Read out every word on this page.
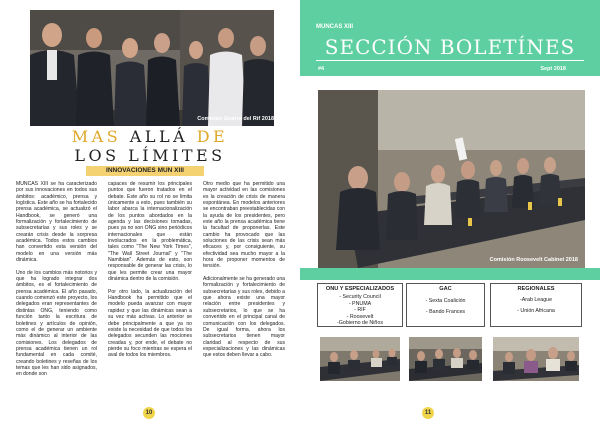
Comisión Guerra del Rif 2018
MAS ALLÁ DE
LOS LÍMITES
INNOVACIONES MUN XIII

MUNCAS XIII se ha caracterizado por sus innovaciones en todos sus ámbitos: académico, prensa y logística. Este año se ha fortalecido prensa académica, se actualizó el Handbook, se generó una formalización y fortalecimiento de subsecretarías y sus roles y se crearán crisis desde la sorpresa académica. Todos estos cambios han convertido esta versión del modelo en una versión más dinámica.

Uno de los cambios más notorios y que ha logrado integrar dos ámbitos, es el fortalecimiento de prensa académica. El año pasado, cuando comenzó este proyecto, los delegados eran representantes de distintas ONG, teniendo como función tanto la escritura de boletines y artículos de opinión, como el de generar un ambiente más dinámico al interior de las comisiones. Los delegados de prensa académica tienen un rol fundamental en cada comité, creando boletines y reseñas de los temas que les han sido asignados, en donde son

capaces de resumir los principales puntos que fueron tratados en el debate. Este año su rol no se limita únicamente a esto, pues también su labor abarca la internacionalización de los puntos abordados en la agenda y las decisiones tomadas, pues ya no son ONG sino periódicos internacionales que están involucrados en la problemática, tales como "The New York Times", "The Wall Street Journal" y "The Namibian". Además de esto, son responsable de generar las crisis, lo que les permite crear una mayor dinámica dentro de la comisión.

Por otro lado, la actualización del Handbook ha permitido que el modelo pueda avanzar con mayor rapidez y que las dinámicas sean a su vez más activas. Lo anterior se debe principalmente a que ya no existe la necesidad de que todos los delegados secunden las mociones creadas y, por ende, el debate no pierde su foco mientras se espera el aval de todos los miembros.

Otro medio que ha permitido una mayor actividad en las comisiones es la creación de crisis de manera espontánea. En modelos anteriores se encontraban preestablecidas con la ayuda de los presidentes, pero este año la prensa académica tiene la facultad de proponerlas. Este cambio ha provocado que las soluciones de las crisis sean más eficaces y, por consiguiente, su efectividad sea mucho mayor a la hora de proponer momentos de tensión.

Adicionalmente se ha generado una formalización y fortalecimiento de subsecretarías y sus roles, debido a que ahora existe una mayor relación entre presidentes y subsecretarios, lo que se ha convertido en el principal canal de comunicación con los delegados. De igual forma, ahora los subsecretarios tienen mayor claridad al respecto de sus especializaciones y las dinámicas que estos deben llevar a cabo.

10
MUNCAS XIII
SECCIÓN BOLETÍNES
#4	Sept 2018
Comisión Roosevelt Cabinet 2018
ONU Y ESPECIALIZADOS
- Security Council
- PNUMA
- RIF
- Roosevelt
-Gobierno de Niños
GAC
- Sexta Coalición
- Bando Frances
REGIONALES
-Arab League
- Unión Africana
11
